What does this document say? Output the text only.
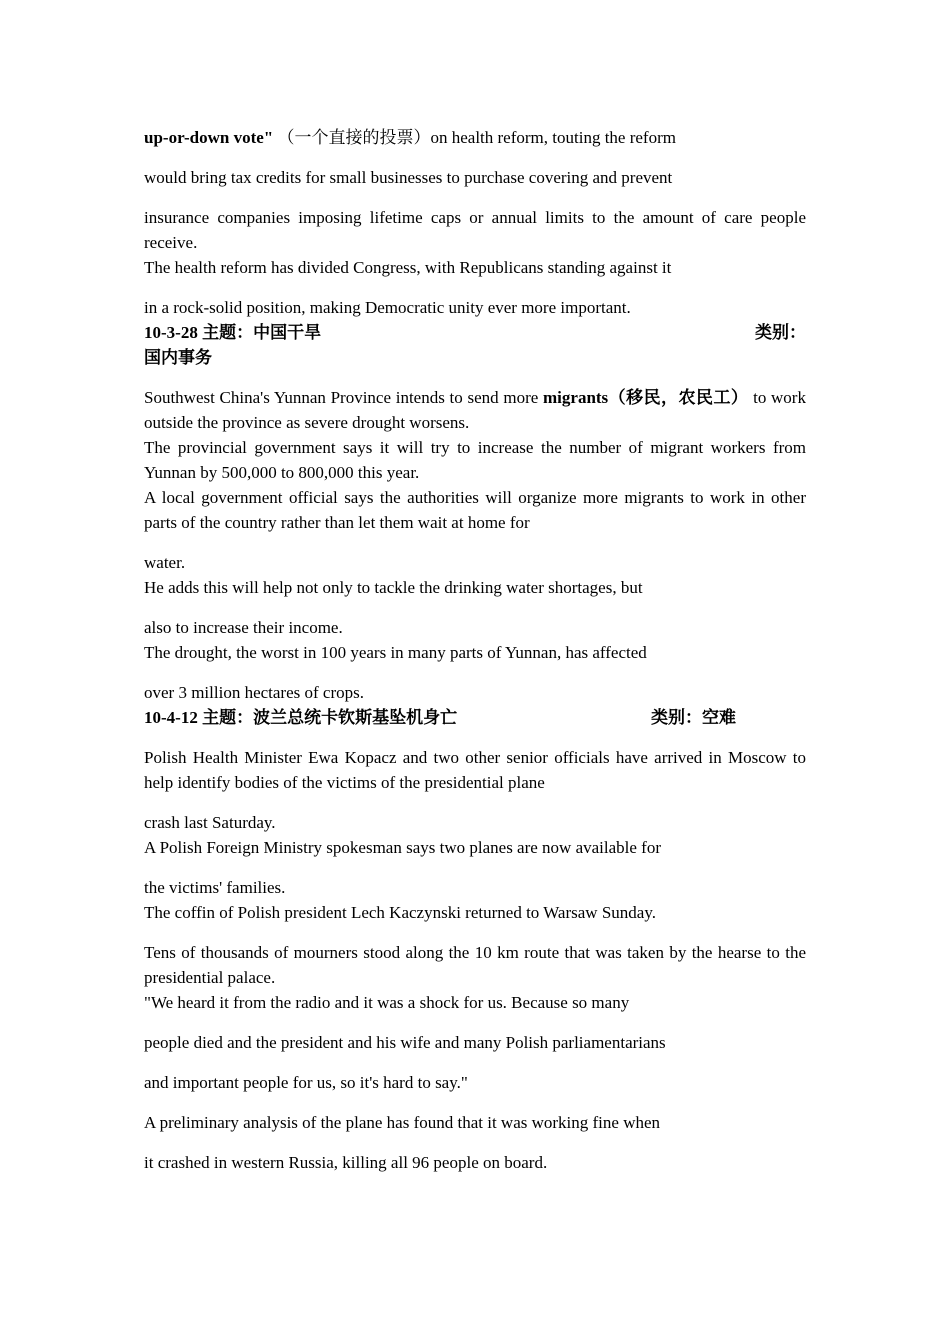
up-or-down vote" （一个直接的投票）on health reform, touting the reform

would bring tax credits for small businesses to purchase covering and prevent

insurance companies imposing lifetime caps or annual limits to the amount of care people receive.

The health reform has divided Congress, with Republicans standing against it

in a rock-solid position, making Democratic unity ever more important.

10-3-28 主题：中国干旱	类别：

国内事务

Southwest China's Yunnan Province intends to send more migrants（移民，农民工） to work outside the province as severe drought worsens.

The provincial government says it will try to increase the number of migrant workers from Yunnan by 500,000 to 800,000 this year.

A local government official says the authorities will organize more migrants to work in other parts of the country rather than let them wait at home for

water.

He adds this will help not only to tackle the drinking water shortages, but

also to increase their income.

The drought, the worst in 100 years in many parts of Yunnan, has affected

over 3 million hectares of crops.

10-4-12 主题：波兰总统卡钦斯基坠机身亡	类别：空难

Polish Health Minister Ewa Kopacz and two other senior officials have arrived in Moscow to help identify bodies of the victims of the presidential plane

crash last Saturday.

A Polish Foreign Ministry spokesman says two planes are now available for

the victims' families.

The coffin of Polish president Lech Kaczynski returned to Warsaw Sunday.

Tens of thousands of mourners stood along the 10 km route that was taken by the hearse to the presidential palace.

"We heard it from the radio and it was a shock for us. Because so many

people died and the president and his wife and many Polish parliamentarians

and important people for us, so it's hard to say."

A preliminary analysis of the plane has found that it was working fine when

it crashed in western Russia, killing all 96 people on board.
